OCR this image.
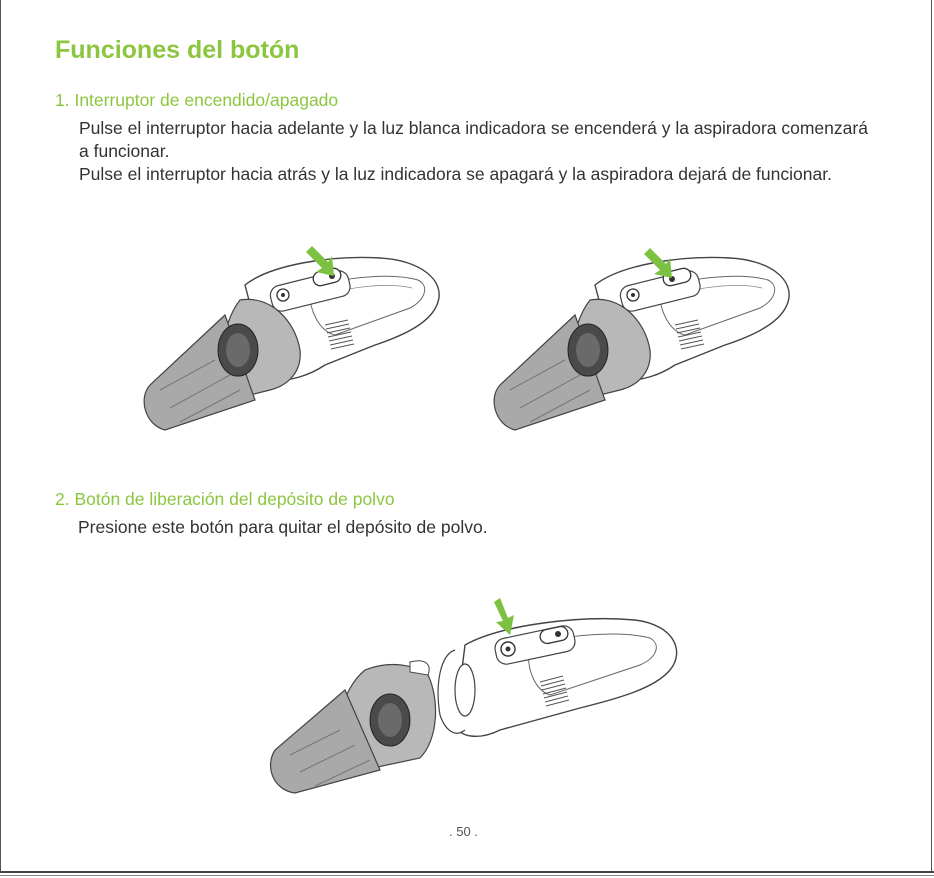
Funciones del botón
1. Interruptor de encendido/apagado

Pulse el interruptor hacia adelante y la luz blanca indicadora se encenderá y la aspiradora comenzará a funcionar.

Pulse el interruptor hacia atrás y la luz indicadora se apagará y la aspiradora dejará de funcionar.

2. Botón de liberación del depósito de polvo

Presione este botón para quitar el depósito de polvo.

. 50 .
